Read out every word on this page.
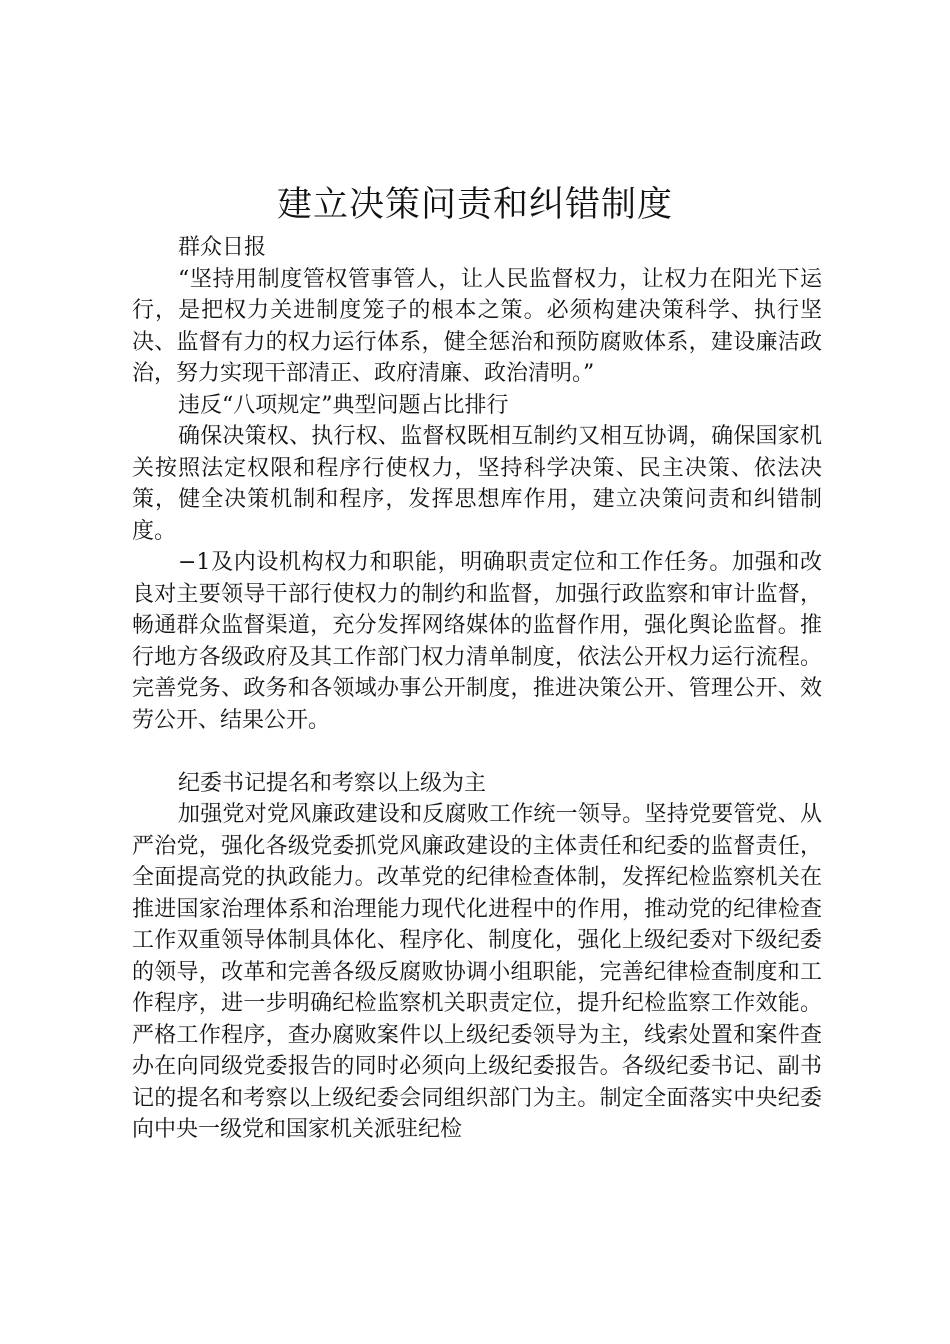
建立决策问责和纠错制度

群众日报

“坚持用制度管权管事管人，让人民监督权力，让权力在阳光下运行，是把权力关进制度笼子的根本之策。必须构建决策科学、执行坚决、监督有力的权力运行体系，健全惩治和预防腐败体系，建设廉洁政治，努力实现干部清正、政府清廉、政治清明。”

违反“八项规定”典型问题占比排行

确保决策权、执行权、监督权既相互制约又相互协调，确保国家机关按照法定权限和程序行使权力，坚持科学决策、民主决策、依法决策，健全决策机制和程序，发挥思想库作用，建立决策问责和纠错制度。

−1及内设机构权力和职能，明确职责定位和工作任务。加强和改良对主要领导干部行使权力的制约和监督，加强行政监察和审计监督，畅通群众监督渠道，充分发挥网络媒体的监督作用，强化舆论监督。推行地方各级政府及其工作部门权力清单制度，依法公开权力运行流程。完善党务、政务和各领域办事公开制度，推进决策公开、管理公开、效劳公开、结果公开。

纪委书记提名和考察以上级为主

加强党对党风廉政建设和反腐败工作统一领导。坚持党要管党、从严治党，强化各级党委抓党风廉政建设的主体责任和纪委的监督责任，全面提高党的执政能力。改革党的纪律检查体制，发挥纪检监察机关在推进国家治理体系和治理能力现代化进程中的作用，推动党的纪律检查工作双重领导体制具体化、程序化、制度化，强化上级纪委对下级纪委的领导，改革和完善各级反腐败协调小组职能，完善纪律检查制度和工作程序，进一步明确纪检监察机关职责定位，提升纪检监察工作效能。严格工作程序，查办腐败案件以上级纪委领导为主，线索处置和案件查办在向同级党委报告的同时必须向上级纪委报告。各级纪委书记、副书记的提名和考察以上级纪委会同组织部门为主。制定全面落实中央纪委向中央一级党和国家机关派驻纪检
